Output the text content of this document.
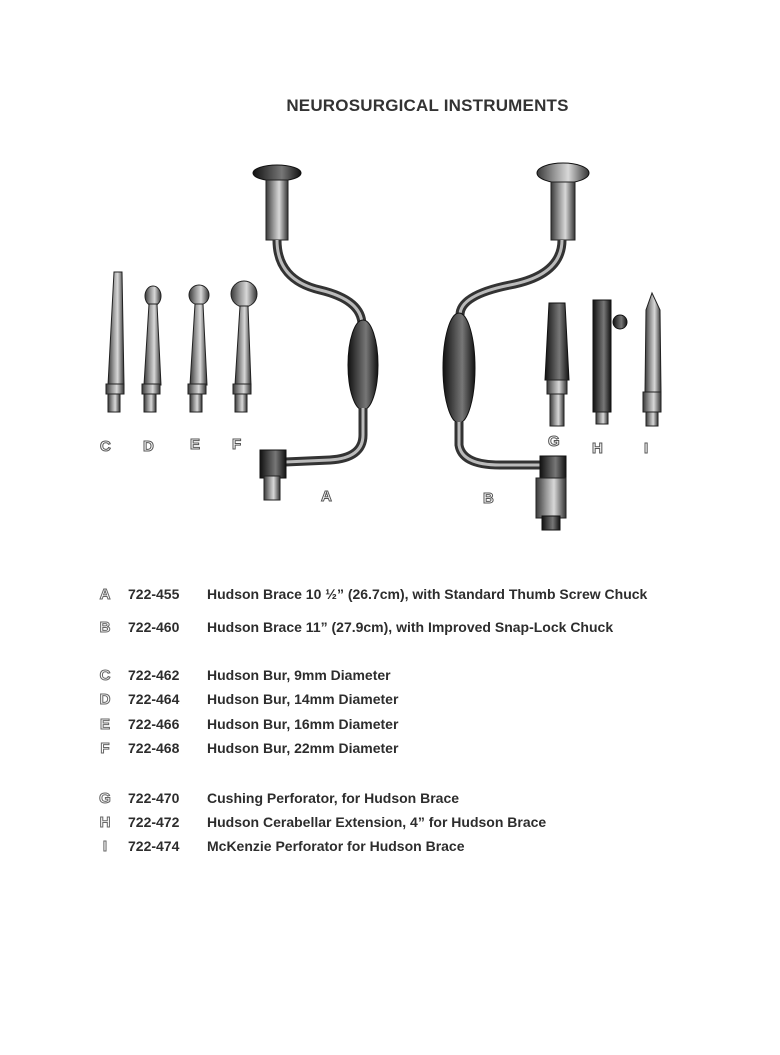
NEUROSURGICAL INSTRUMENTS
C D E F
A	B
G H	I
A 722-455 Hudson Brace 10 ½” (26.7cm), with Standard Thumb Screw Chuck
B 722-460 Hudson Brace 11” (27.9cm), with Improved Snap-Lock Chuck
C 722-462 Hudson Bur, 9mm Diameter
D 722-464 Hudson Bur, 14mm Diameter
E 722-466 Hudson Bur, 16mm Diameter
F	722-468 Hudson Bur, 22mm Diameter
G 722-470 Cushing Perforator, for Hudson Brace
H 722-472 Hudson Cerabellar Extension, 4” for Hudson Brace
I	722-474 McKenzie Perforator for Hudson Brace
